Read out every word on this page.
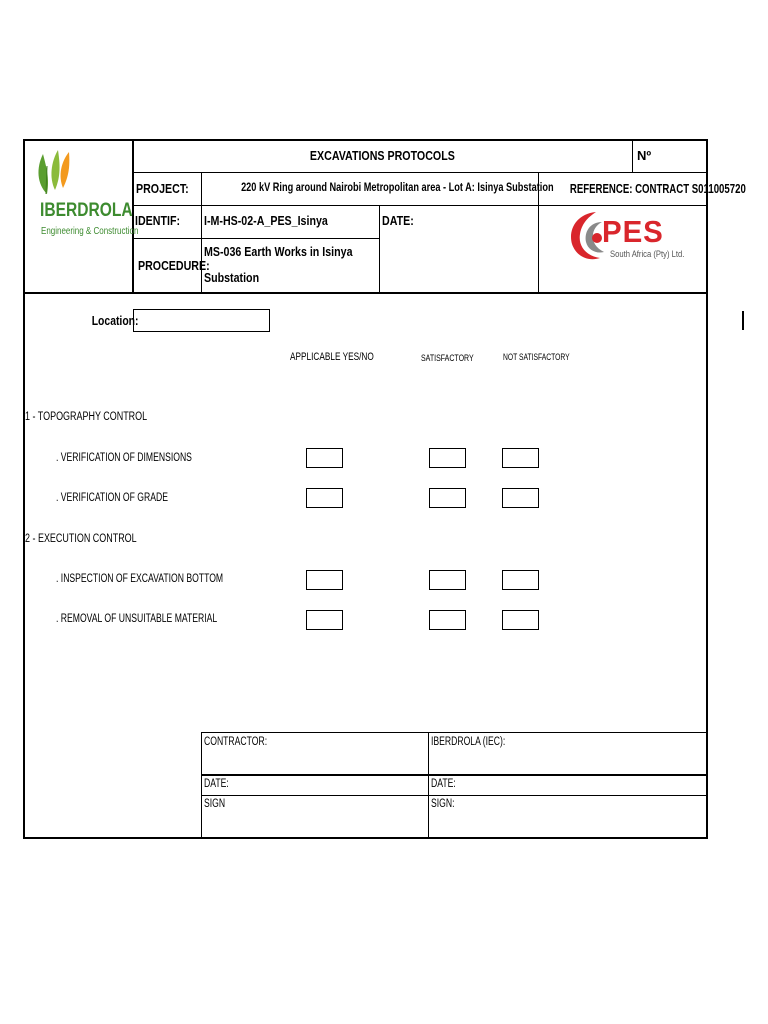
EXCAVATIONS PROTOCOLS	Nº
PROJECT:	220 kV Ring around Nairobi Metropolitan area - Lot A: Isinya Substation	REFERENCE: CONTRACT S011005720
IDENTIF:	I-M-HS-02-A_PES_Isinya	DATE:
PROCEDURE:
MS-036 Earth Works in Isinya
Substation
IBERDROLA
Engineering & Construction	PES
South Africa (Pty) Ltd.
Location:
APPLICABLE YES/NO	SATISFACTORY	NOT SATISFACTORY
1 - TOPOGRAPHY CONTROL
. VERIFICATION OF DIMENSIONS
. VERIFICATION OF GRADE
2 - EXECUTION CONTROL
. INSPECTION OF EXCAVATION BOTTOM
. REMOVAL OF UNSUITABLE MATERIAL
CONTRACTOR:	IBERDROLA (IEC):
DATE:	DATE:
SIGN	SIGN:
